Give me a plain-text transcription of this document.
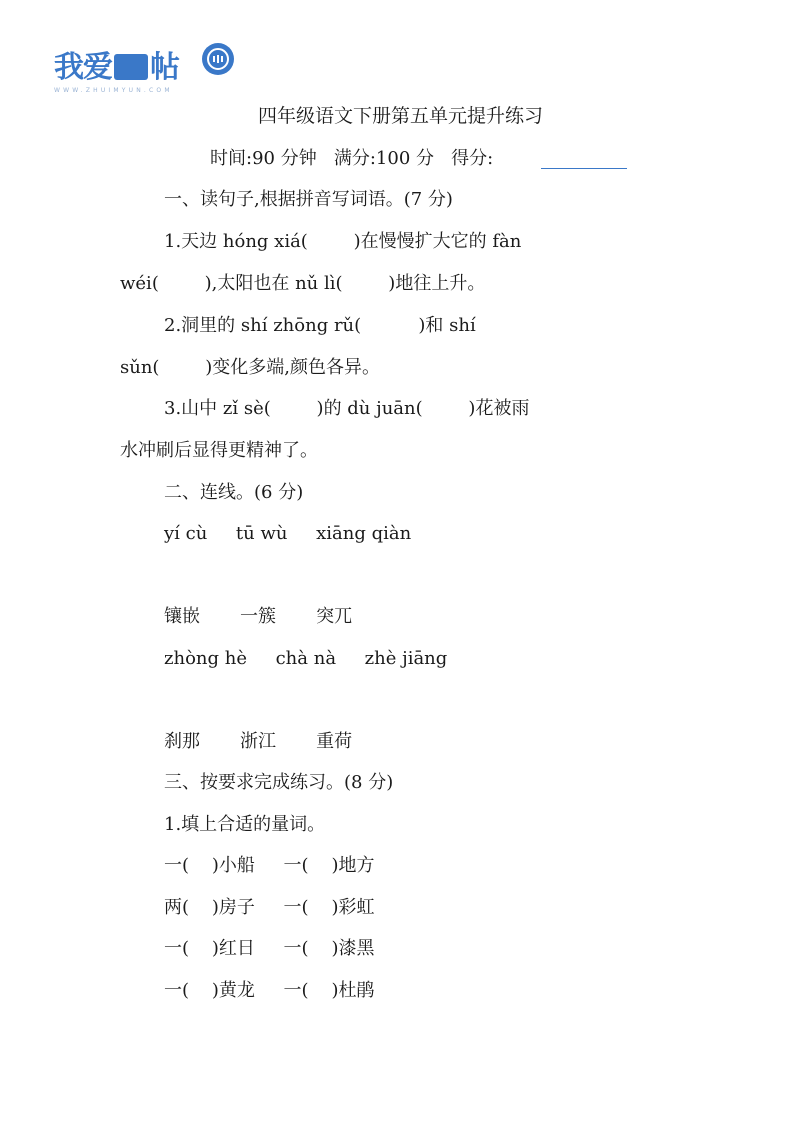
我爱 帖
WWW.ZHUIMYUN.COM
四年级语文下册第五单元提升练习
时间:90 分钟   满分:100 分   得分:
一、读句子,根据拼音写词语。(7 分)
1.天边 hóng xiá(        )在慢慢扩大它的 fàn
wéi(        ),太阳也在 nǔ lì(        )地往上升。
2.洞里的 shí zhōng rǔ(          )和 shí
sǔn(        )变化多端,颜色各异。
3.山中 zǐ sè(        )的 dù juān(        )花被雨
水冲刷后显得更精神了。
二、连线。(6 分)
yí cù     tū wù     xiāng qiàn
镶嵌       一簇       突兀
zhòng hè     chà nà     zhè jiāng
刹那       浙江       重荷
三、按要求完成练习。(8 分)
1.填上合适的量词。
一(    )小船     一(    )地方
两(    )房子     一(    )彩虹
一(    )红日     一(    )漆黑
一(    )黄龙     一(    )杜鹃
